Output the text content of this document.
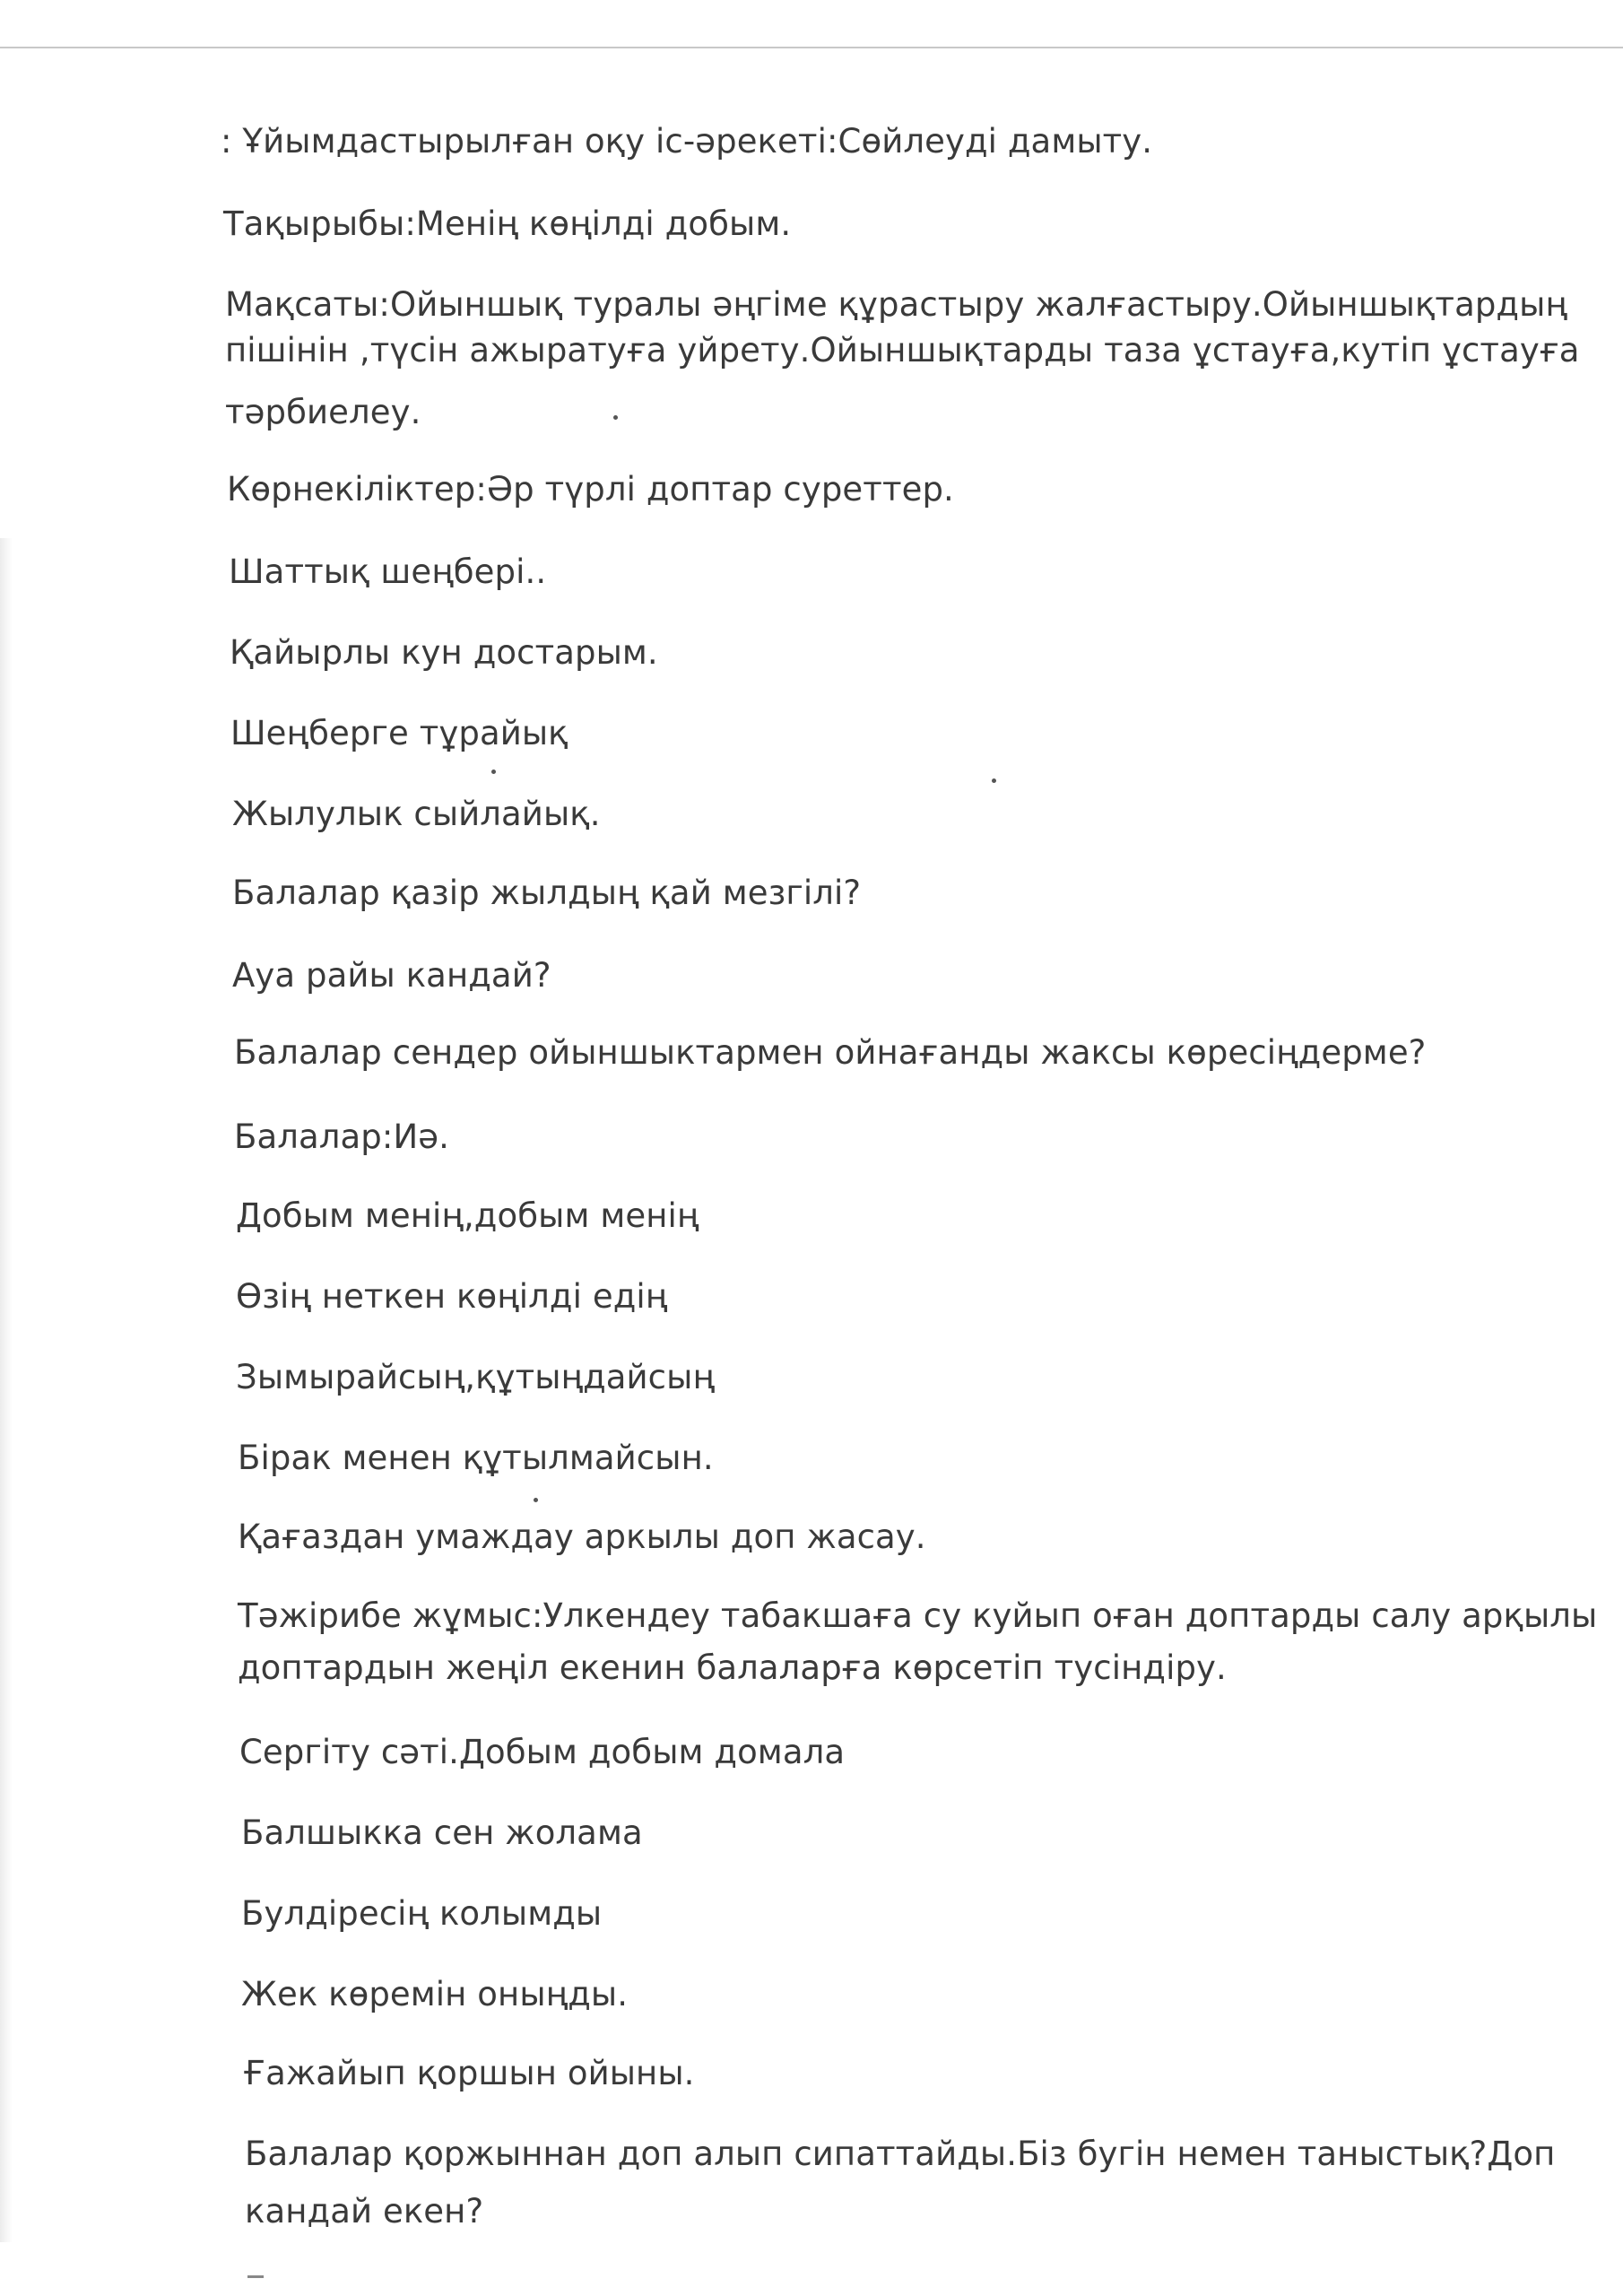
: Ұйымдастырылған оқу іс-әрекеті:Сөйлеуді дамыту.
Тақырыбы:Менің көңілді добым.
Мақсаты:Ойыншық туралы әңгіме құрастыру жалғастыру.Ойыншықтардың
пішінін ,түсін ажыратуға уйрету.Ойыншықтарды таза ұстауға,кутіп ұстауға
тәрбиелеу.
Көрнекіліктер:Әр түрлі доптар суреттер.
Шаттық шеңбері..
Қайырлы кун достарым.
Шеңберге тұрайық
Жылулык сыйлайық.
Балалар қазір жылдың қай мезгілі?
Ауа райы кандай?
Балалар сендер ойыншыктармен ойнағанды жаксы көресіңдерме?
Балалар:Иә.
Добым менің,добым менің
Өзің неткен көңілді едің
Зымырайсың,құтыңдайсың
Бірак менен құтылмайсын.
Қағаздан умаждау аркылы доп жасау.
Тәжірибе жұмыс:Улкендеу табакшаға су куйып оған доптарды салу арқылы
доптардын жеңіл екенин балаларға көрсетіп тусіндіру.
Сергіту сәті.Добым добым домала
Балшыкка сен жолама
Булдіресің колымды
Жек көремін оныңды.
Ғажайып қоршын ойыны.
Балалар қоржыннан доп алып сипаттайды.Біз бугін немен таныстық?Доп
кандай екен?
